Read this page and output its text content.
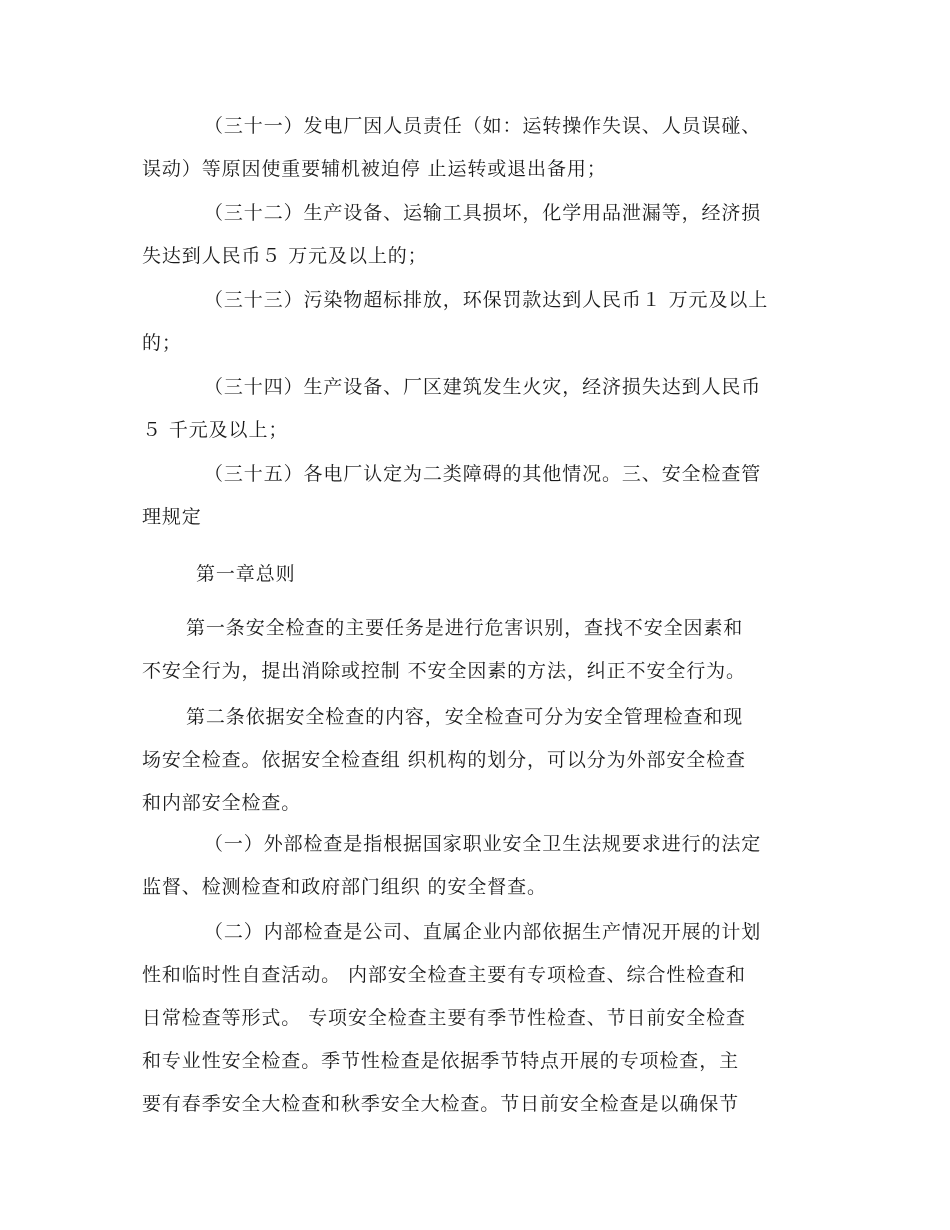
（三十一）发电厂因人员责任（如：运转操作失误、人员误碰、
误动）等原因使重要辅机被迫停 止运转或退出备用；

（三十二）生产设备、运输工具损坏，化学用品泄漏等，经济损
失达到人民币５ 万元及以上的；

（三十三）污染物超标排放，环保罚款达到人民币１ 万元及以上
的；

（三十四）生产设备、厂区建筑发生火灾，经济损失达到人民币
５ 千元及以上；

（三十五）各电厂认定为二类障碍的其他情况。三、安全检查管
理规定

第一章总则

第一条安全检查的主要任务是进行危害识别，查找不安全因素和
不安全行为，提出消除或控制 不安全因素的方法，纠正不安全行为。

第二条依据安全检查的内容，安全检查可分为安全管理检查和现
场安全检查。依据安全检查组 织机构的划分，可以分为外部安全检查
和内部安全检查。

（一）外部检查是指根据国家职业安全卫生法规要求进行的法定
监督、检测检查和政府部门组织 的安全督查。

（二）内部检查是公司、直属企业内部依据生产情况开展的计划
性和临时性自查活动。 内部安全检查主要有专项检查、综合性检查和
日常检查等形式。 专项安全检查主要有季节性检查、节日前安全检查
和专业性安全检查。季节性检查是依据季节特点开展的专项检查，主
要有春季安全大检查和秋季安全大检查。节日前安全检查是以确保节
